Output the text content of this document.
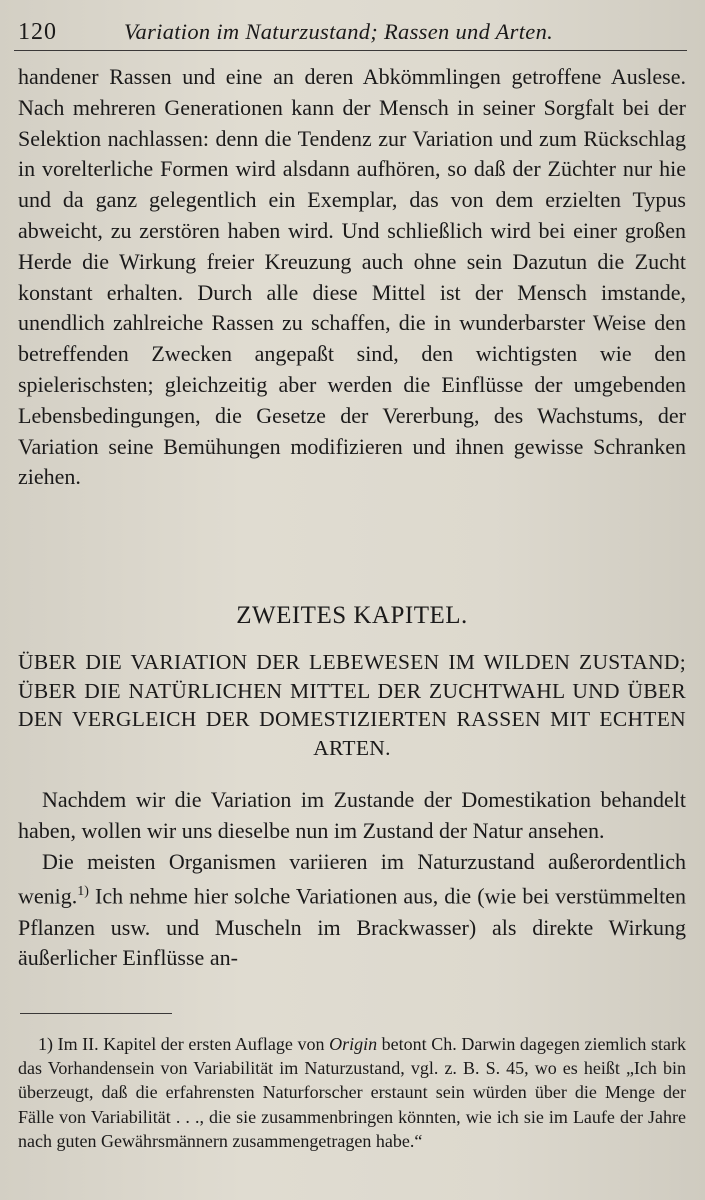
120	Variation im Naturzustand; Rassen und Arten.

handener Rassen und eine an deren Abkömmlingen getroffene Auslese. Nach mehreren Generationen kann der Mensch in seiner Sorgfalt bei der Selektion nachlassen: denn die Tendenz zur Variation und zum Rückschlag in vorelterliche Formen wird alsdann aufhören, so daß der Züchter nur hie und da ganz gelegentlich ein Exemplar, das von dem erzielten Typus abweicht, zu zerstören haben wird. Und schließlich wird bei einer großen Herde die Wirkung freier Kreuzung auch ohne sein Dazutun die Zucht konstant erhalten. Durch alle diese Mittel ist der Mensch imstande, unendlich zahlreiche Rassen zu schaffen, die in wunderbarster Weise den betreffenden Zwecken angepaßt sind, den wichtigsten wie den spielerischsten; gleichzeitig aber werden die Einflüsse der umgebenden Lebensbedingungen, die Gesetze der Vererbung, des Wachstums, der Variation seine Bemühungen modifizieren und ihnen gewisse Schranken ziehen.

ZWEITES KAPITEL.
ÜBER DIE VARIATION DER LEBEWESEN IM WILDEN ZUSTAND; ÜBER DIE NATÜRLICHEN MITTEL DER ZUCHTWAHL UND ÜBER DEN VERGLEICH DER DOMESTIZIERTEN RASSEN MIT ECHTEN ARTEN.

Nachdem wir die Variation im Zustande der Domestikation behandelt haben, wollen wir uns dieselbe nun im Zustand der Natur ansehen.

Die meisten Organismen variieren im Naturzustand außerordentlich wenig.$^{1)}$ Ich nehme hier solche Variationen aus, die (wie bei verstümmelten Pflanzen usw. und Muscheln im Brackwasser) als direkte Wirkung äußerlicher Einflüsse an-

1) Im II. Kapitel der ersten Auflage von Origin betont Ch. Darwin dagegen ziemlich stark das Vorhandensein von Variabilität im Naturzustand, vgl. z. B. S. 45, wo es heißt „Ich bin überzeugt, daß die erfahrensten Naturforscher erstaunt sein würden über die Menge der Fälle von Variabilität . . ., die sie zusammenbringen könnten, wie ich sie im Laufe der Jahre nach guten Gewährsmännern zusammengetragen habe.“
